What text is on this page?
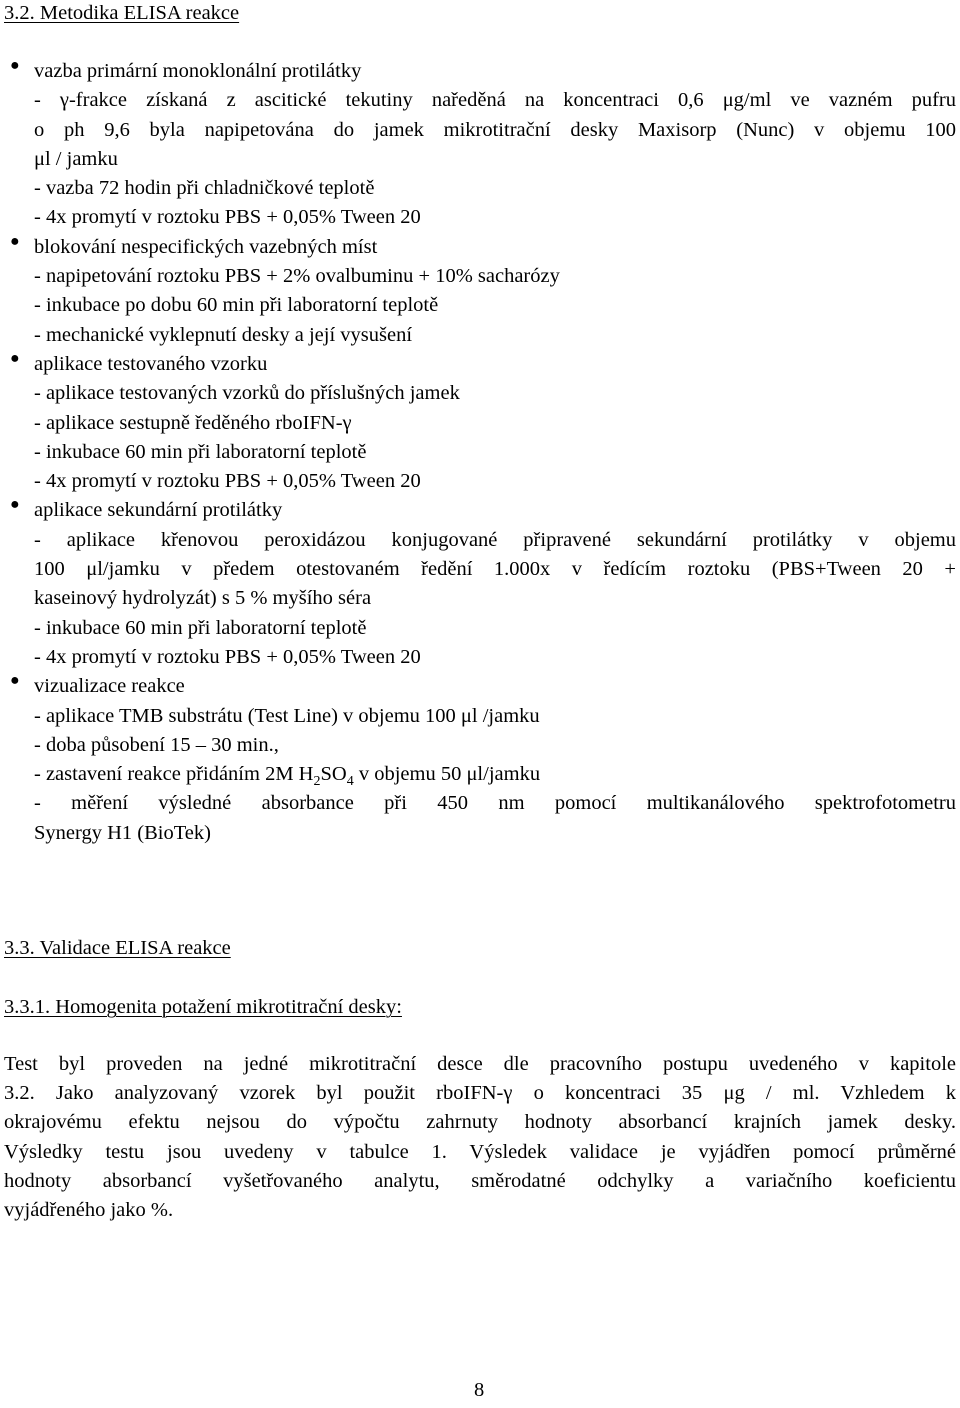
3.2. Metodika ELISA reakce
● vazba primární monoklonální protilátky
- γ-frakce získaná z ascitické tekutiny naředěná na koncentraci 0,6 μg/ml ve vazném pufru
o ph 9,6 byla napipetována do jamek mikrotitrační desky Maxisorp (Nunc) v objemu 100
μl / jamku
- vazba 72 hodin při chladničkové teplotě
- 4x promytí v roztoku PBS + 0,05% Tween 20
● blokování nespecifických vazebných míst
- napipetování roztoku PBS + 2% ovalbuminu + 10% sacharózy
- inkubace po dobu 60 min při laboratorní teplotě
- mechanické vyklepnutí desky a její vysušení
● aplikace testovaného vzorku
- aplikace testovaných vzorků do příslušných jamek
- aplikace sestupně ředěného rboIFN-γ
- inkubace 60 min při laboratorní teplotě
- 4x promytí v roztoku PBS + 0,05% Tween 20
● aplikace sekundární protilátky
- aplikace křenovou peroxidázou konjugované připravené sekundární protilátky v objemu
100 μl/jamku v předem otestovaném ředění 1.000x v ředícím roztoku (PBS+Tween 20 +
kaseinový hydrolyzát) s 5 % myšího séra
- inkubace 60 min při laboratorní teplotě
- 4x promytí v roztoku PBS + 0,05% Tween 20
● vizualizace reakce
- aplikace TMB substrátu (Test Line) v objemu 100 μl /jamku
- doba působení 15 – 30 min.,
- zastavení reakce přidáním 2M $H_2SO_4$ v objemu 50 μl/jamku
- měření výsledné absorbance při 450 nm pomocí multikanálového spektrofotometru
Synergy H1 (BioTek)
3.3. Validace ELISA reakce
3.3.1. Homogenita potažení mikrotitrační desky:
Test byl proveden na jedné mikrotitrační desce dle pracovního postupu uvedeného v kapitole
3.2. Jako analyzovaný vzorek byl použit rboIFN-γ o koncentraci 35 μg / ml. Vzhledem k
okrajovému efektu nejsou do výpočtu zahrnuty hodnoty absorbancí krajních jamek desky.
Výsledky testu jsou uvedeny v tabulce 1. Výsledek validace je vyjádřen pomocí průměrné
hodnoty absorbancí vyšetřovaného analytu, směrodatné odchylky a variačního koeficientu
vyjádřeného jako %.
8
